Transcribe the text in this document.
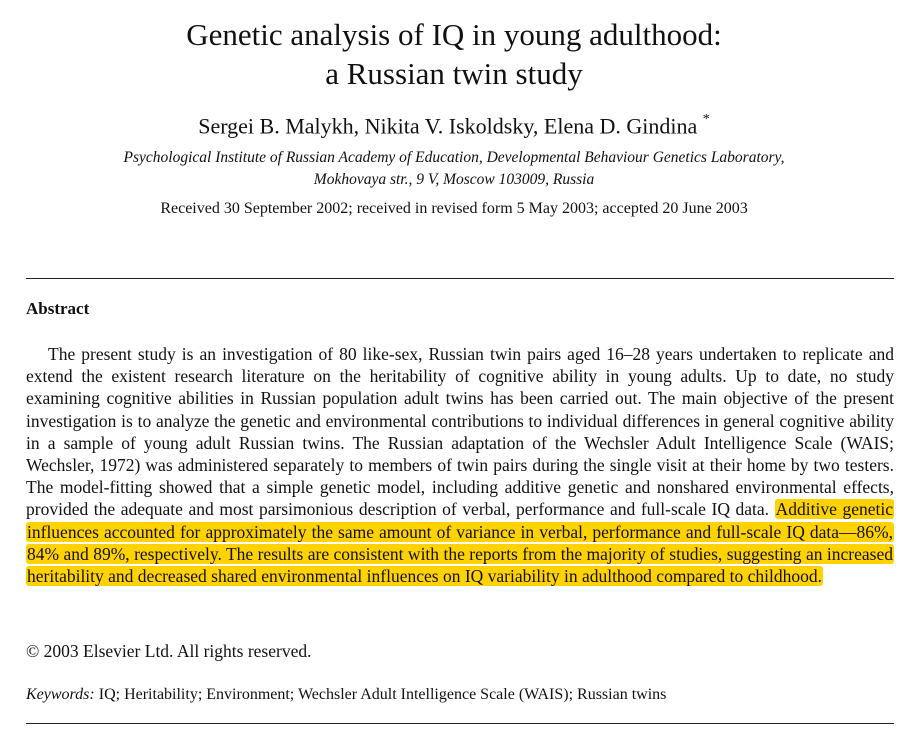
Genetic analysis of IQ in young adulthood:
a Russian twin study
Sergei B. Malykh, Nikita V. Iskoldsky, Elena D. Gindina *
Psychological Institute of Russian Academy of Education, Developmental Behaviour Genetics Laboratory,
Mokhovaya str., 9 V, Moscow 103009, Russia
Received 30 September 2002; received in revised form 5 May 2003; accepted 20 June 2003
Abstract

The present study is an investigation of 80 like-sex, Russian twin pairs aged 16–28 years undertaken to replicate and extend the existent research literature on the heritability of cognitive ability in young adults. Up to date, no study examining cognitive abilities in Russian population adult twins has been carried out. The main objective of the present investigation is to analyze the genetic and environmental contributions to individual differences in general cognitive ability in a sample of young adult Russian twins. The Russian adaptation of the Wechsler Adult Intelligence Scale (WAIS; Wechsler, 1972) was administered separately to members of twin pairs during the single visit at their home by two testers. The model-fitting showed that a simple genetic model, including additive genetic and nonshared environmental effects, provided the adequate and most parsimonious description of verbal, performance and full-scale IQ data. Additive genetic influences accounted for approximately the same amount of variance in verbal, performance and full-scale IQ data—86%, 84% and 89%, respectively. The results are consistent with the reports from the majority of studies, suggesting an increased heritability and decreased shared environmental influences on IQ variability in adulthood compared to childhood.

© 2003 Elsevier Ltd. All rights reserved.
Keywords: IQ; Heritability; Environment; Wechsler Adult Intelligence Scale (WAIS); Russian twins
